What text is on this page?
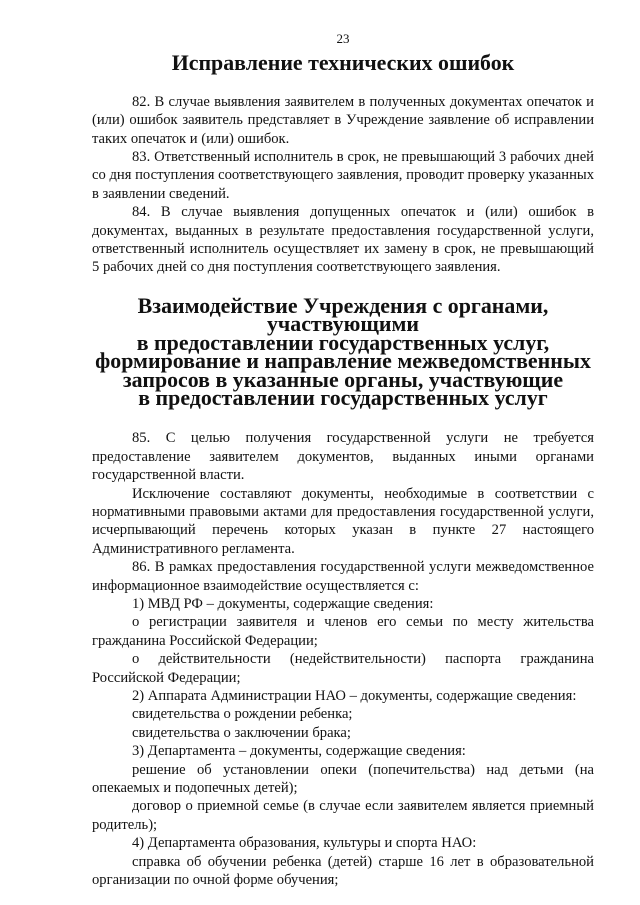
23
Исправление технических ошибок

82. В случае выявления заявителем в полученных документах опечаток и (или) ошибок заявитель представляет в Учреждение заявление об исправлении таких опечаток и (или) ошибок.

83. Ответственный исполнитель в срок, не превышающий 3 рабочих дней со дня поступления соответствующего заявления, проводит проверку указанных в заявлении сведений.

84. В случае выявления допущенных опечаток и (или) ошибок в документах, выданных в результате предоставления государственной услуги, ответственный исполнитель осуществляет их замену в срок, не превышающий 5 рабочих дней со дня поступления соответствующего заявления.

Взаимодействие Учреждения с органами, участвующими
в предоставлении государственных услуг,
формирование и направление межведомственных
запросов в указанные органы, участвующие
в предоставлении государственных услуг

85. С целью получения государственной услуги не требуется предоставление заявителем документов, выданных иными органами государственной власти.

Исключение составляют документы, необходимые в соответствии с нормативными правовыми актами для предоставления государственной услуги, исчерпывающий перечень которых указан в пункте 27 настоящего Административного регламента.

86. В рамках предоставления государственной услуги межведомственное информационное взаимодействие осуществляется с:

1) МВД РФ – документы, содержащие сведения:

о регистрации заявителя и членов его семьи по месту жительства гражданина Российской Федерации;

о действительности (недействительности) паспорта гражданина Российской Федерации;

2) Аппарата Администрации НАО – документы, содержащие сведения:

свидетельства о рождении ребенка;

свидетельства о заключении брака;

3) Департамента – документы, содержащие сведения:

решение об установлении опеки (попечительства) над детьми (на опекаемых и подопечных детей);

договор о приемной семье (в случае если заявителем является приемный родитель);

4) Департамента образования, культуры и спорта НАО:

справка об обучении ребенка (детей) старше 16 лет в образовательной организации по очной форме обучения;
